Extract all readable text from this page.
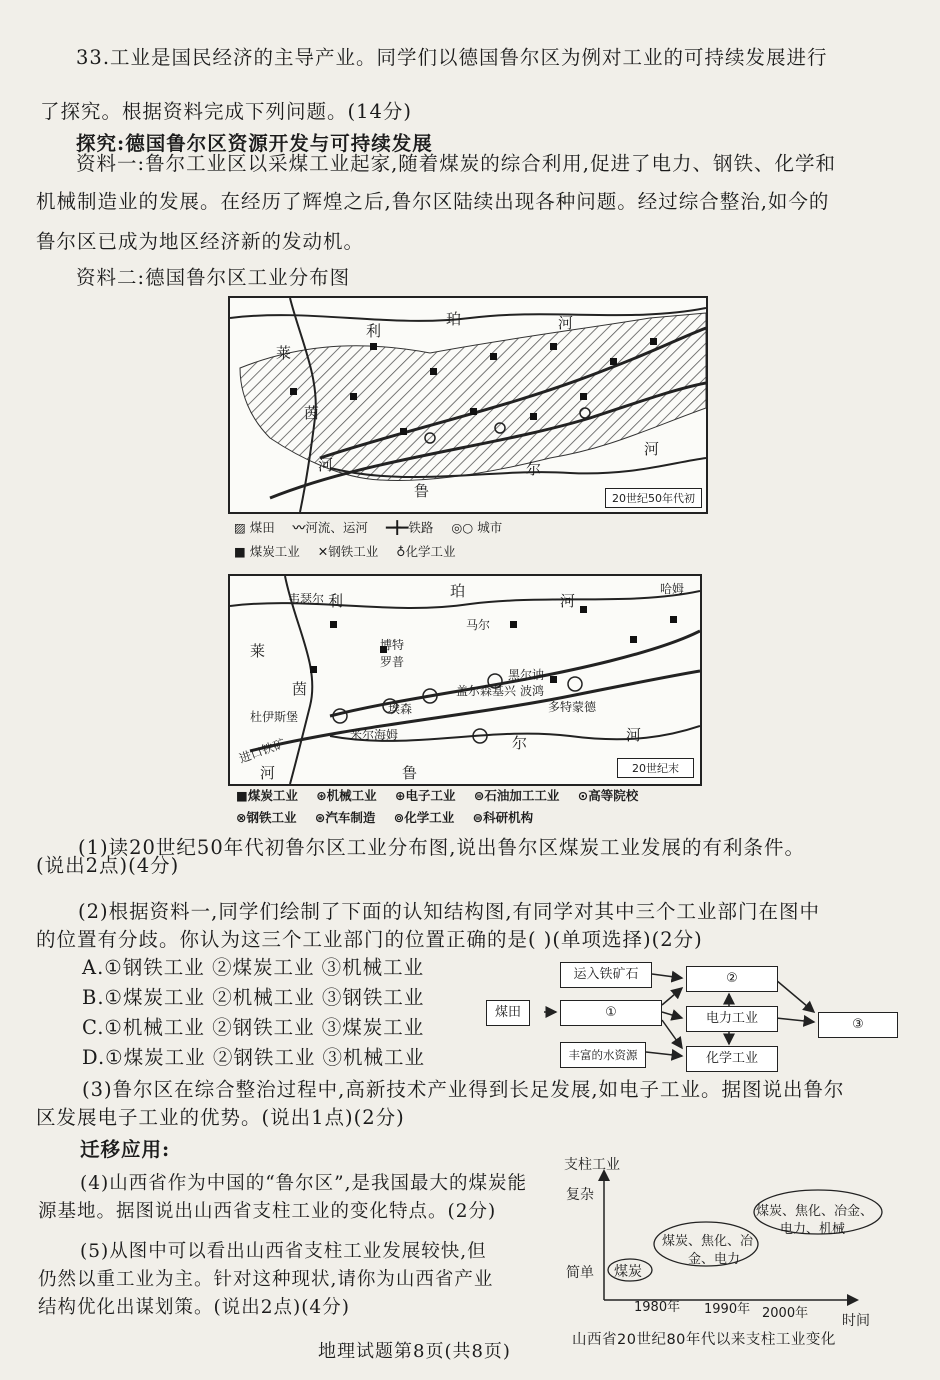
33.工业是国民经济的主导产业。同学们以德国鲁尔区为例对工业的可持续发展进行
了探究。根据资料完成下列问题。(14分)
探究:德国鲁尔区资源开发与可持续发展
资料一:鲁尔工业区以采煤工业起家,随着煤炭的综合利用,促进了电力、钢铁、化学和
机械制造业的发展。在经历了辉煌之后,鲁尔区陆续出现各种问题。经过综合整治,如今的
鲁尔区已成为地区经济新的发动机。
资料二:德国鲁尔区工业分布图
利
珀	河
莱
茵
河
鲁
尔
河
20世纪50年代初
▨ 煤田 〰河流、运河 ━╋━铁路 ◎○ 城市
■ 煤炭工业 ✕钢铁工业 ♁化学工业
韦瑟尔 利
珀
河
哈姆
莱
茵
博特罗普
马尔
黑尔讷
盖尔森基兴 波鸿
多特蒙德
杜伊斯堡
埃森
米尔海姆
进口铁矿
河	鲁
尔	河
20世纪末
■煤炭工业 ⊛机械工业 ⊕电子工业 ⊜石油加工工业 ⊙高等院校
⊗钢铁工业 ⊛汽车制造 ⊚化学工业 ⊜科研机构
(1)读20世纪50年代初鲁尔区工业分布图,说出鲁尔区煤炭工业发展的有利条件。
(说出2点)(4分)
(2)根据资料一,同学们绘制了下面的认知结构图,有同学对其中三个工业部门在图中
的位置有分歧。你认为这三个工业部门的位置正确的是( )(单项选择)(2分)
A.①钢铁工业 ②煤炭工业 ③机械工业
B.①煤炭工业 ②机械工业 ③钢铁工业
C.①机械工业 ②钢铁工业 ③煤炭工业
D.①煤炭工业 ②钢铁工业 ③机械工业
运入铁矿石
煤田
丰富的水资源
①
②
电力工业
化学工业
③
(3)鲁尔区在综合整治过程中,高新技术产业得到长足发展,如电子工业。据图说出鲁尔
区发展电子工业的优势。(说出1点)(2分)
迁移应用:
(4)山西省作为中国的“鲁尔区”,是我国最大的煤炭能
源基地。据图说出山西省支柱工业的变化特点。(2分)
(5)从图中可以看出山西省支柱工业发展较快,但
仍然以重工业为主。针对这种现状,请你为山西省产业
结构优化出谋划策。(说出2点)(4分)
支柱工业
复杂
简单
时间
1980年 1990年 2000年
煤炭
煤炭、焦化、冶
金、电力
煤炭、焦化、冶金、
电力、机械
山西省20世纪80年代以来支柱工业变化
地理试题第8页(共8页)
